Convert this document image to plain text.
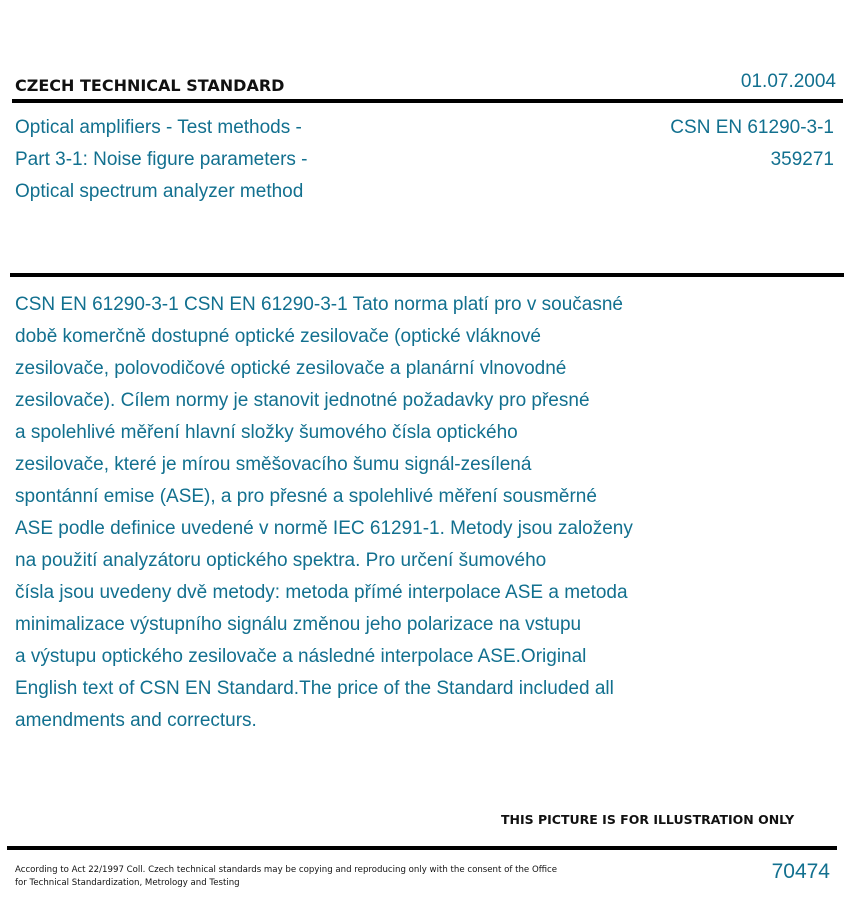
CZECH TECHNICAL STANDARD	01.07.2004
Optical amplifiers - Test methods -
Part 3-1: Noise figure parameters -
Optical spectrum analyzer method
CSN EN 61290-3-1
359271
CSN EN 61290-3-1 CSN EN 61290-3-1 Tato norma platí pro v současné
době komerčně dostupné optické zesilovače (optické vláknové
zesilovače, polovodičové optické zesilovače a planární vlnovodné
zesilovače). Cílem normy je stanovit jednotné požadavky pro přesné
a spolehlivé měření hlavní složky šumového čísla optického
zesilovače, které je mírou směšovacího šumu signál-zesílená
spontánní emise (ASE), a pro přesné a spolehlivé měření sousměrné
ASE podle definice uvedené v normě IEC 61291-1. Metody jsou založeny
na použití analyzátoru optického spektra. Pro určení šumového
čísla jsou uvedeny dvě metody: metoda přímé interpolace ASE a metoda
minimalizace výstupního signálu změnou jeho polarizace na vstupu
a výstupu optického zesilovače a následné interpolace ASE.Original
English text of CSN EN Standard.The price of the Standard included all
amendments and correcturs.
THIS PICTURE IS FOR ILLUSTRATION ONLY
According to Act 22/1997 Coll. Czech technical standards may be copying and reproducing only with the consent of the Office
for Technical Standardization, Metrology and Testing	70474
